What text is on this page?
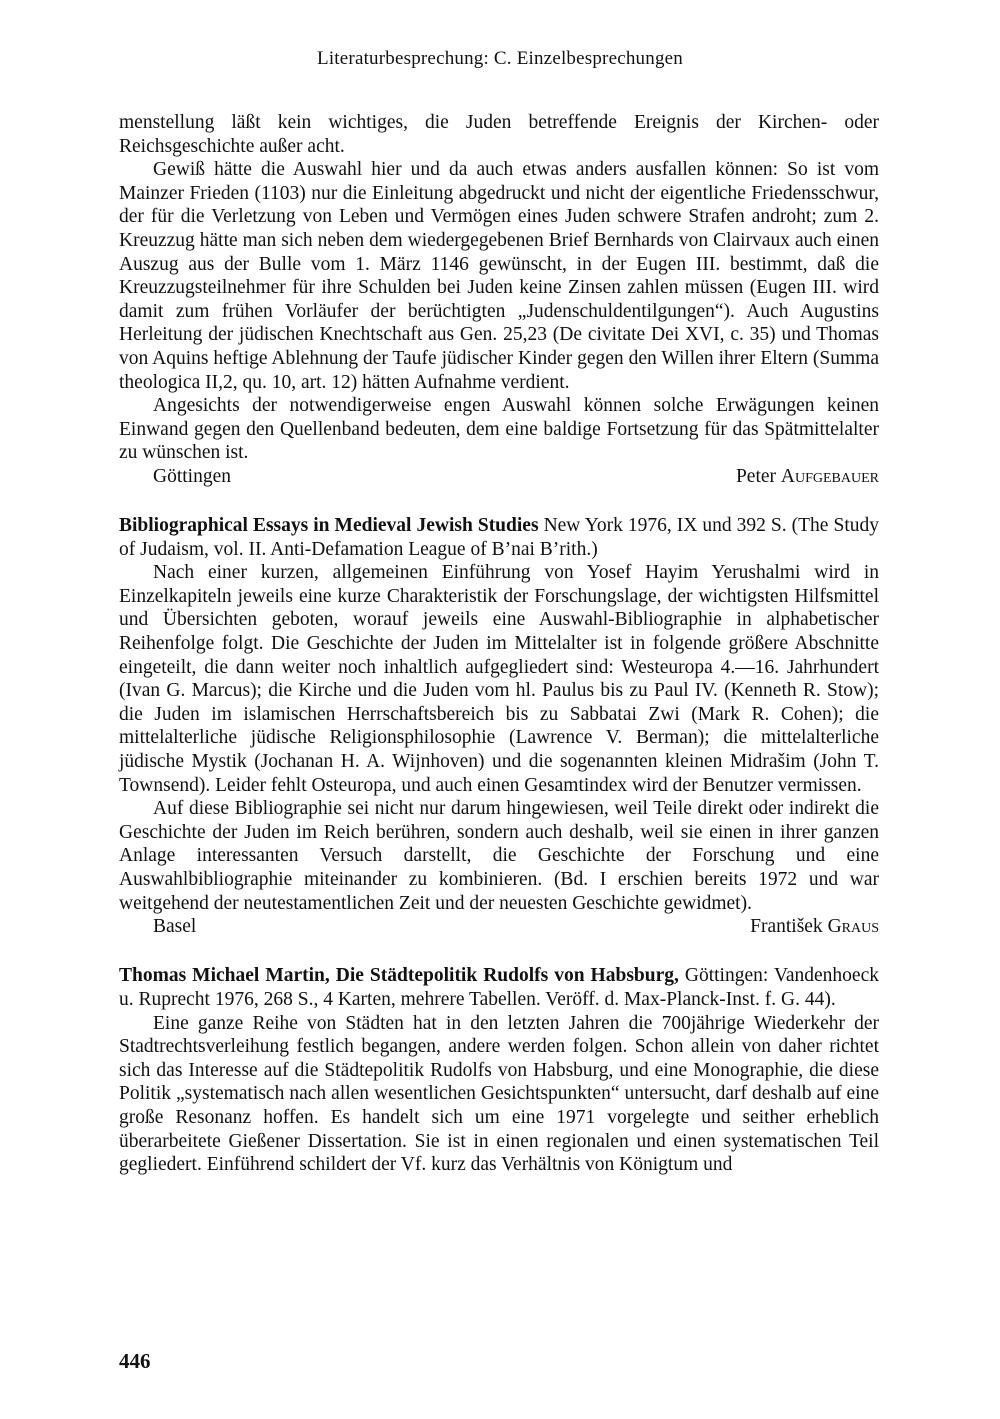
Literaturbesprechung: C. Einzelbesprechungen

menstellung läßt kein wichtiges, die Juden betreffende Ereignis der Kirchen- oder Reichsgeschichte außer acht.

Gewiß hätte die Auswahl hier und da auch etwas anders ausfallen können: So ist vom Mainzer Frieden (1103) nur die Einleitung abgedruckt und nicht der eigentliche Friedensschwur, der für die Verletzung von Leben und Vermögen eines Juden schwere Strafen androht; zum 2. Kreuzzug hätte man sich neben dem wiedergegebenen Brief Bernhards von Clairvaux auch einen Auszug aus der Bulle vom 1. März 1146 gewünscht, in der Eugen III. bestimmt, daß die Kreuzzugsteilnehmer für ihre Schulden bei Juden keine Zinsen zahlen müssen (Eugen III. wird damit zum frühen Vorläufer der berüchtigten „Judenschuldentilgungen“). Auch Augustins Herleitung der jüdischen Knechtschaft aus Gen. 25,23 (De civitate Dei XVI, c. 35) und Thomas von Aquins heftige Ablehnung der Taufe jüdischer Kinder gegen den Willen ihrer Eltern (Summa theologica II,2, qu. 10, art. 12) hätten Aufnahme verdient.

Angesichts der notwendigerweise engen Auswahl können solche Erwägungen keinen Einwand gegen den Quellenband bedeuten, dem eine baldige Fortsetzung für das Spätmittelalter zu wünschen ist.

Göttingen	Peter Aufgebauer

Bibliographical Essays in Medieval Jewish Studies New York 1976, IX und 392 S. (The Study of Judaism, vol. II. Anti-Defamation League of B’nai B’rith.)

Nach einer kurzen, allgemeinen Einführung von Yosef Hayim Yerushalmi wird in Einzelkapiteln jeweils eine kurze Charakteristik der Forschungslage, der wichtigsten Hilfsmittel und Übersichten geboten, worauf jeweils eine Auswahl-Bibliographie in alphabetischer Reihenfolge folgt. Die Geschichte der Juden im Mittelalter ist in folgende größere Abschnitte eingeteilt, die dann weiter noch inhaltlich aufgegliedert sind: Westeuropa 4.—16. Jahrhundert (Ivan G. Marcus); die Kirche und die Juden vom hl. Paulus bis zu Paul IV. (Kenneth R. Stow); die Juden im islamischen Herrschaftsbereich bis zu Sabbatai Zwi (Mark R. Cohen); die mittelalterliche jüdische Religionsphilosophie (Lawrence V. Berman); die mittelalterliche jüdische Mystik (Jochanan H. A. Wijnhoven) und die sogenannten kleinen Midrašim (John T. Townsend). Leider fehlt Osteuropa, und auch einen Gesamtindex wird der Benutzer vermissen.

Auf diese Bibliographie sei nicht nur darum hingewiesen, weil Teile direkt oder indirekt die Geschichte der Juden im Reich berühren, sondern auch deshalb, weil sie einen in ihrer ganzen Anlage interessanten Versuch darstellt, die Geschichte der Forschung und eine Auswahlbibliographie miteinander zu kombinieren. (Bd. I erschien bereits 1972 und war weitgehend der neutestamentlichen Zeit und der neuesten Geschichte gewidmet).

Basel	František Graus

Thomas Michael Martin, Die Städtepolitik Rudolfs von Habsburg, Göttingen: Vandenhoeck u. Ruprecht 1976, 268 S., 4 Karten, mehrere Tabellen. Veröff. d. Max-Planck-Inst. f. G. 44).

Eine ganze Reihe von Städten hat in den letzten Jahren die 700jährige Wiederkehr der Stadtrechtsverleihung festlich begangen, andere werden folgen. Schon allein von daher richtet sich das Interesse auf die Städtepolitik Rudolfs von Habsburg, und eine Monographie, die diese Politik „systematisch nach allen wesentlichen Gesichtspunkten“ untersucht, darf deshalb auf eine große Resonanz hoffen. Es handelt sich um eine 1971 vorgelegte und seither erheblich überarbeitete Gießener Dissertation. Sie ist in einen regionalen und einen systematischen Teil gegliedert. Einführend schildert der Vf. kurz das Verhältnis von Königtum und

446
